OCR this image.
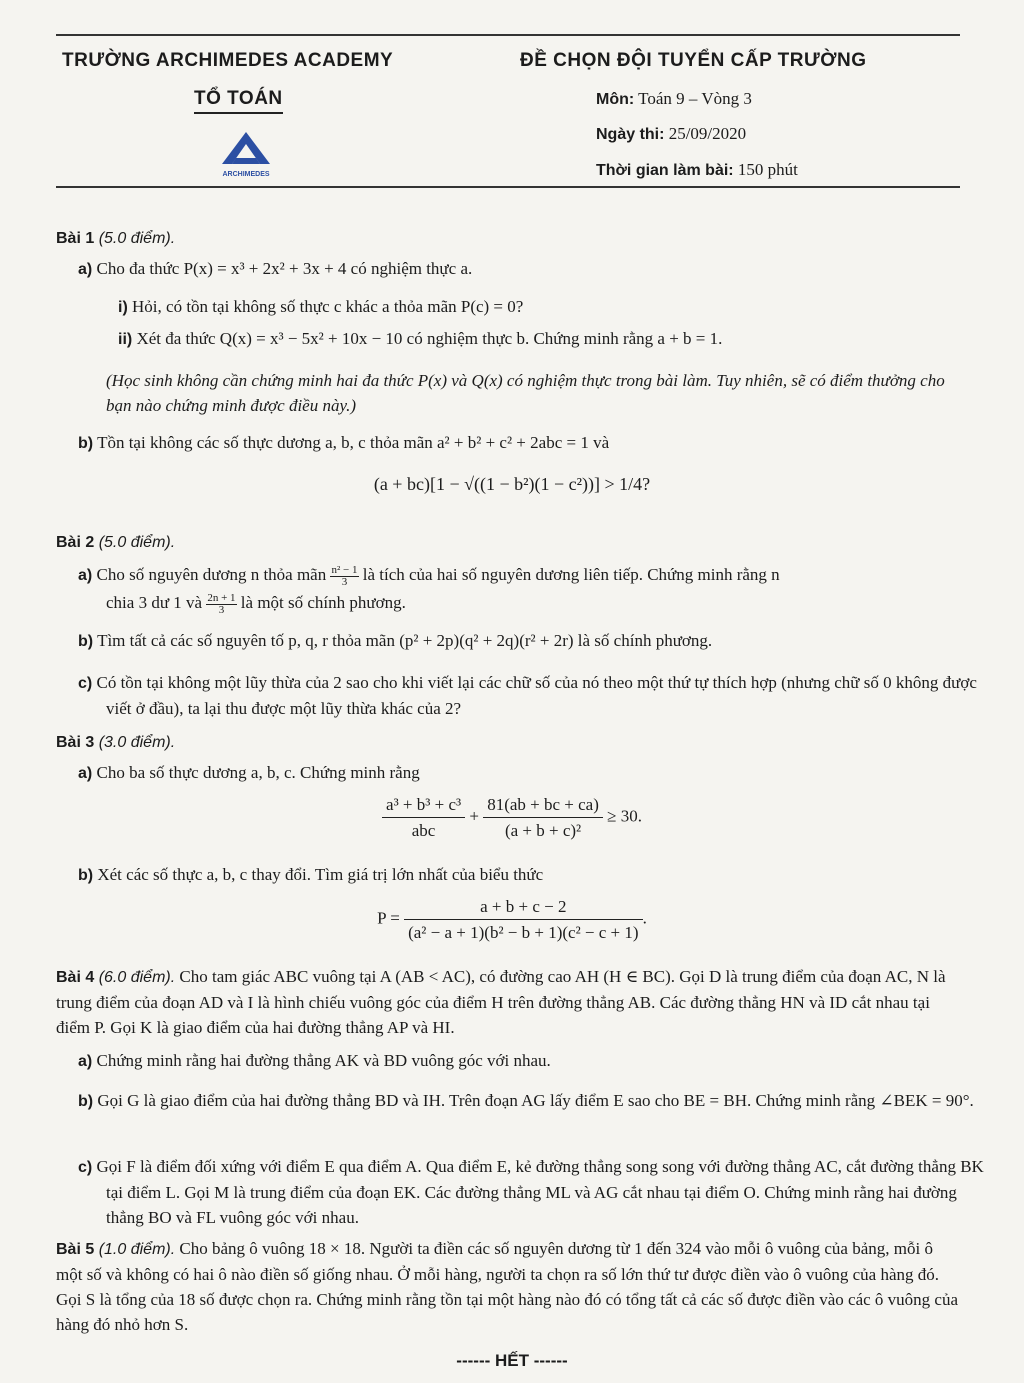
TRƯỜNG ARCHIMEDES ACADEMY	ĐỀ CHỌN ĐỘI TUYỂN CẤP TRƯỜNG
TỔ TOÁN
ARCHIMEDES
Môn: Toán 9 – Vòng 3
Ngày thi: 25/09/2020
Thời gian làm bài: 150 phút
Bài 1 (5.0 điểm).
a) Cho đa thức P(x) = x³ + 2x² + 3x + 4 có nghiệm thực a.
i) Hỏi, có tồn tại không số thực c khác a thỏa mãn P(c) = 0?
ii) Xét đa thức Q(x) = x³ − 5x² + 10x − 10 có nghiệm thực b. Chứng minh rằng a + b = 1.
(Học sinh không cần chứng minh hai đa thức P(x) và Q(x) có nghiệm thực trong bài làm. Tuy nhiên, sẽ có điểm thưởng cho bạn nào chứng minh được điều này.)
b) Tồn tại không các số thực dương a, b, c thỏa mãn a² + b² + c² + 2abc = 1 và
(a + bc)[1 − √((1 − b²)(1 − c²))] > 1/4?
Bài 2 (5.0 điểm).
a) Cho số nguyên dương n thỏa mãn $\frac{\text{n² − 1}}{3}$ là tích của hai số nguyên dương liên tiếp. Chứng minh rằng n
chia 3 dư 1 và $\frac{2n + 1}{3}$ là một số chính phương.
b) Tìm tất cả các số nguyên tố p, q, r thỏa mãn (p² + 2p)(q² + 2q)(r² + 2r) là số chính phương.
c) Có tồn tại không một lũy thừa của 2 sao cho khi viết lại các chữ số của nó theo một thứ tự thích hợp (nhưng chữ số 0 không được viết ở đầu), ta lại thu được một lũy thừa khác của 2?
Bài 3 (3.0 điểm).
a) Cho ba số thực dương a, b, c. Chứng minh rằng
$\frac{\text{a³ + b³ + c³}}{\text{abc}} + \frac{81(ab + bc + ca)}{\text{(a + b + c)²}} \ge 30$.
b) Xét các số thực a, b, c thay đổi. Tìm giá trị lớn nhất của biểu thức
$P = \frac{a + b + c - 2}{\text{(a² − a + 1)(b² − b + 1)(c² − c + 1)}}$ .
Bài 4 (6.0 điểm). Cho tam giác ABC vuông tại A (AB < AC), có đường cao AH (H ∈ BC). Gọi D là trung điểm của đoạn AC, N là trung điểm của đoạn AD và I là hình chiếu vuông góc của điểm H trên đường thẳng AB. Các đường thẳng HN và ID cắt nhau tại điểm P. Gọi K là giao điểm của hai đường thẳng AP và HI.
a) Chứng minh rằng hai đường thẳng AK và BD vuông góc với nhau.
b) Gọi G là giao điểm của hai đường thẳng BD và IH. Trên đoạn AG lấy điểm E sao cho BE = BH. Chứng minh rằng ∠BEK = 90°.
c) Gọi F là điểm đối xứng với điểm E qua điểm A. Qua điểm E, kẻ đường thẳng song song với đường thẳng AC, cắt đường thẳng BK tại điểm L. Gọi M là trung điểm của đoạn EK. Các đường thẳng ML và AG cắt nhau tại điểm O. Chứng minh rằng hai đường thẳng BO và FL vuông góc với nhau.
Bài 5 (1.0 điểm). Cho bảng ô vuông 18 × 18. Người ta điền các số nguyên dương từ 1 đến 324 vào mỗi ô vuông của bảng, mỗi ô một số và không có hai ô nào điền số giống nhau. Ở mỗi hàng, người ta chọn ra số lớn thứ tư được điền vào ô vuông của hàng đó. Gọi S là tổng của 18 số được chọn ra. Chứng minh rằng tồn tại một hàng nào đó có tổng tất cả các số được điền vào các ô vuông của hàng đó nhỏ hơn S.
------ HẾT ------
